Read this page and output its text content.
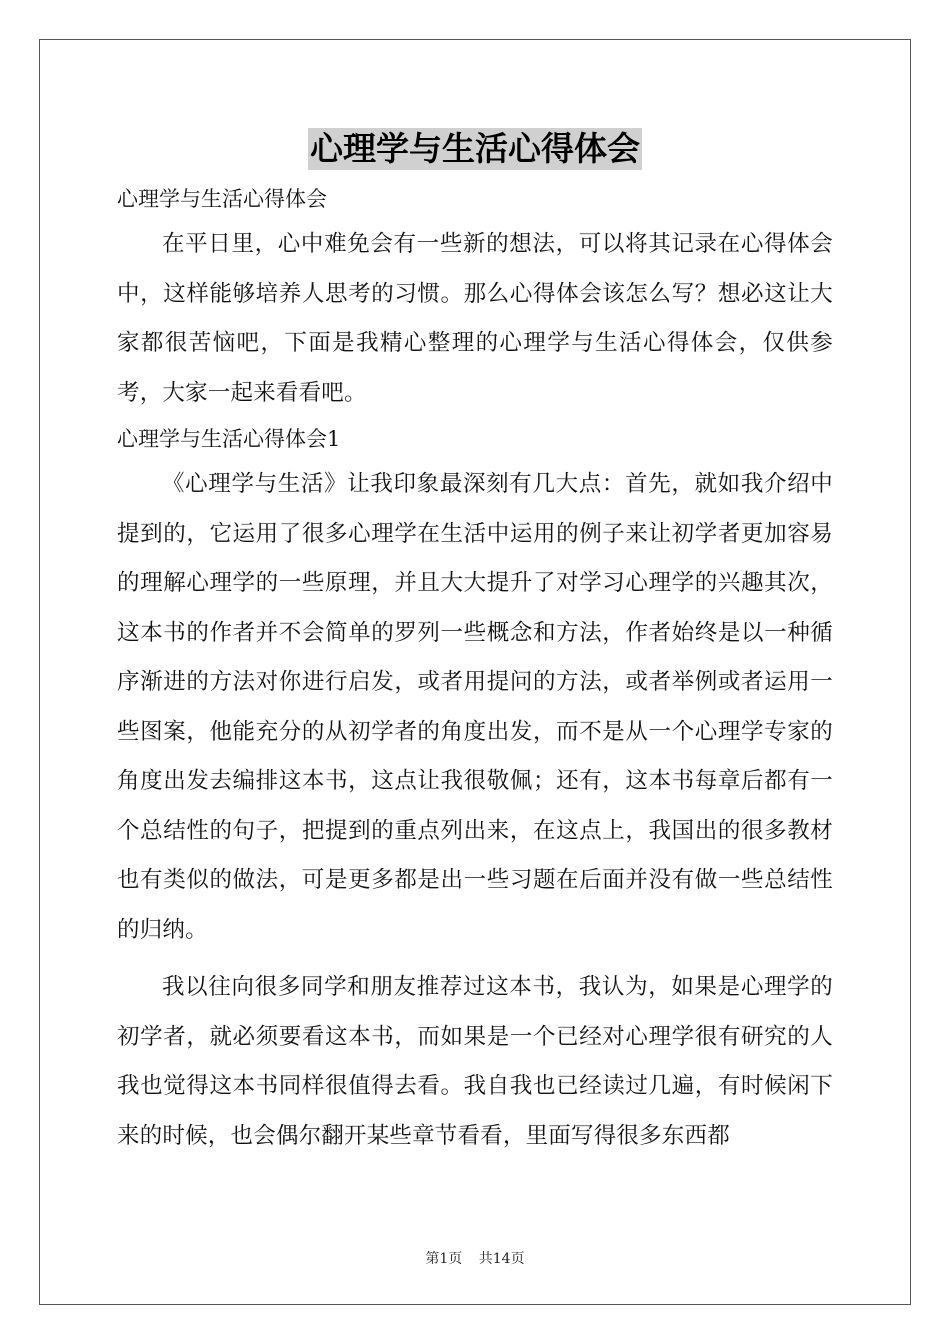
心理学与生活心得体会

心理学与生活心得体会

在平日里，心中难免会有一些新的想法，可以将其记录在心得体会中，这样能够培养人思考的习惯。那么心得体会该怎么写？想必这让大家都很苦恼吧，下面是我精心整理的心理学与生活心得体会，仅供参考，大家一起来看看吧。

心理学与生活心得体会1

《心理学与生活》让我印象最深刻有几大点：首先，就如我介绍中提到的，它运用了很多心理学在生活中运用的例子来让初学者更加容易的理解心理学的一些原理，并且大大提升了对学习心理学的兴趣其次，这本书的作者并不会简单的罗列一些概念和方法，作者始终是以一种循序渐进的方法对你进行启发，或者用提问的方法，或者举例或者运用一些图案，他能充分的从初学者的角度出发，而不是从一个心理学专家的角度出发去编排这本书，这点让我很敬佩；还有，这本书每章后都有一个总结性的句子，把提到的重点列出来，在这点上，我国出的很多教材也有类似的做法，可是更多都是出一些习题在后面并没有做一些总结性的归纳。

我以往向很多同学和朋友推荐过这本书，我认为，如果是心理学的初学者，就必须要看这本书，而如果是一个已经对心理学很有研究的人我也觉得这本书同样很值得去看。我自我也已经读过几遍，有时候闲下来的时候，也会偶尔翻开某些章节看看，里面写得很多东西都

第1页 共14页
